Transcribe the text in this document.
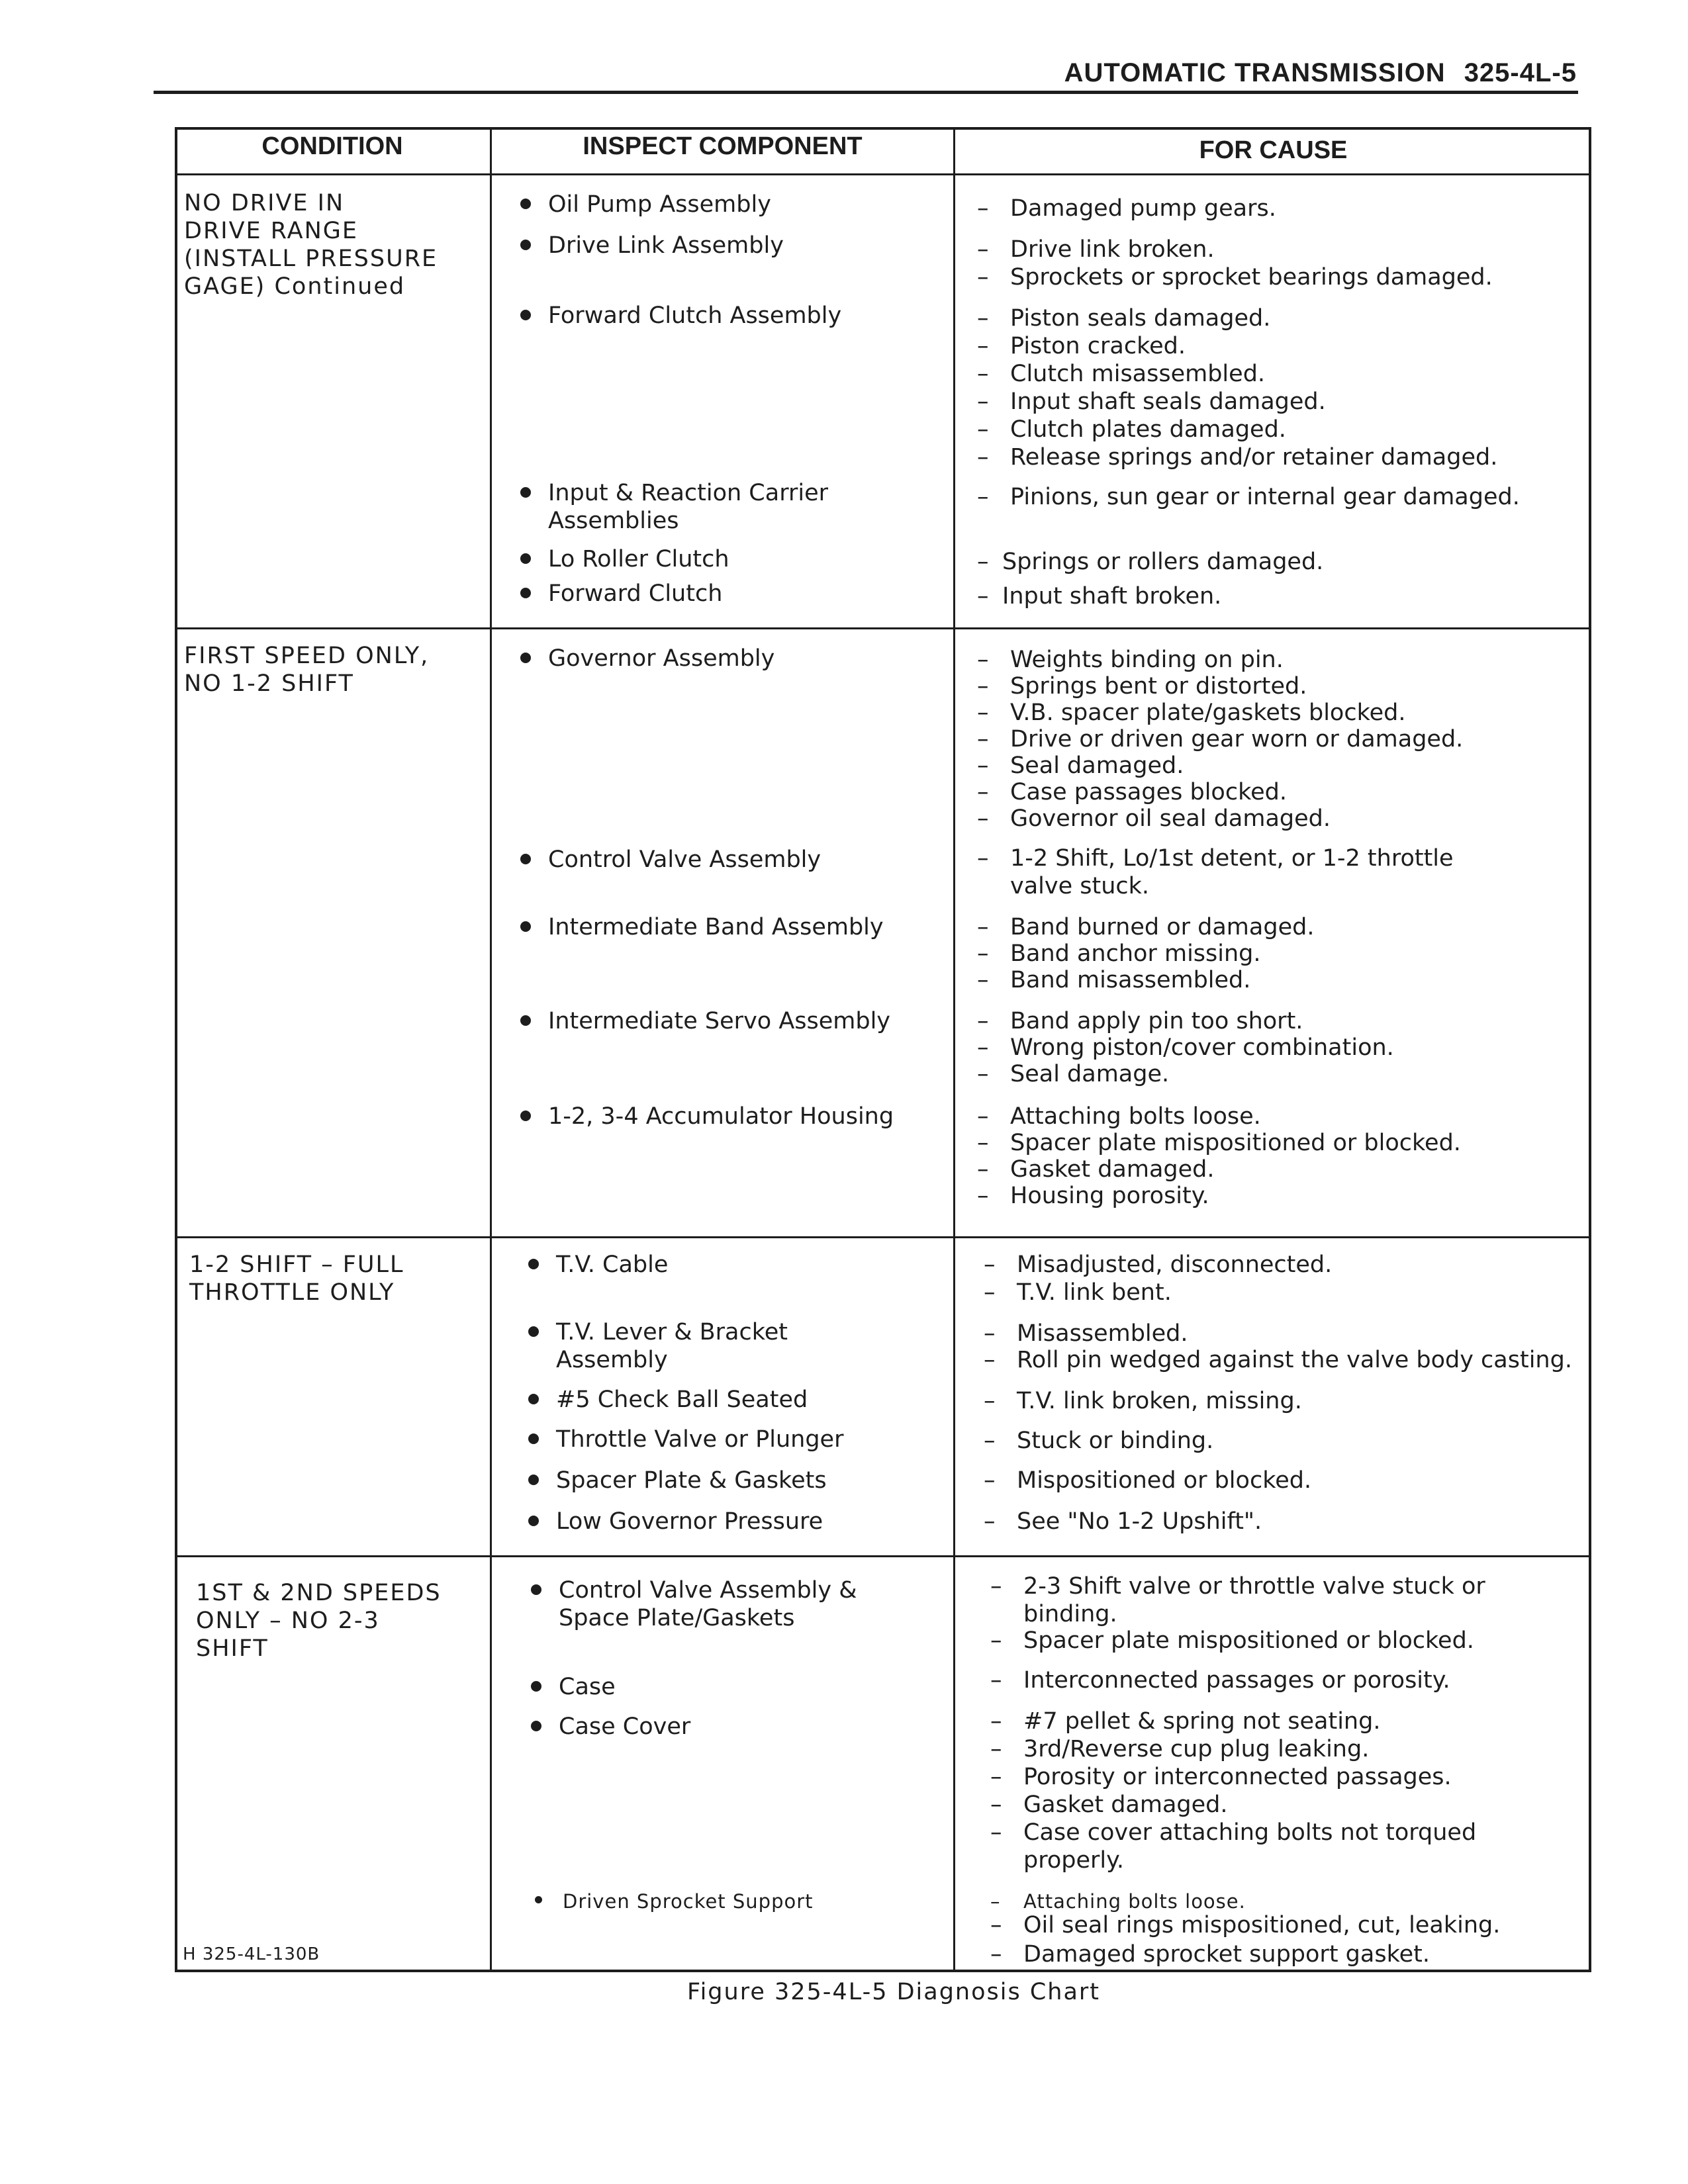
AUTOMATIC TRANSMISSION 325-4L-5
CONDITION	INSPECT COMPONENT	FOR CAUSE
NO DRIVE IN
DRIVE RANGE
(INSTALL PRESSURE
GAGE) Continued
Oil Pump Assembly
Drive Link Assembly
Forward Clutch Assembly
Input & Reaction Carrier Assemblies
Lo Roller Clutch
Forward Clutch
– Damaged pump gears.
– Drive link broken.
– Sprockets or sprocket bearings damaged.
– Piston seals damaged.
– Piston cracked.
– Clutch misassembled.
– Input shaft seals damaged.
– Clutch plates damaged.
– Release springs and/or retainer damaged.
– Pinions, sun gear or internal gear damaged.
– Springs or rollers damaged.
– Input shaft broken.
FIRST SPEED ONLY,
NO 1-2 SHIFT
Governor Assembly
Control Valve Assembly
Intermediate Band Assembly
Intermediate Servo Assembly
1-2, 3-4 Accumulator Housing
– Weights binding on pin.
– Springs bent or distorted.
– V.B. spacer plate/gaskets blocked.
– Drive or driven gear worn or damaged.
– Seal damaged.
– Case passages blocked.
– Governor oil seal damaged.
– 1-2 Shift, Lo/1st detent, or 1-2 throttle valve stuck.
– Band burned or damaged.
– Band anchor missing.
– Band misassembled.
– Band apply pin too short.
– Wrong piston/cover combination.
– Seal damage.
– Attaching bolts loose.
– Spacer plate mispositioned or blocked.
– Gasket damaged.
– Housing porosity.
1-2 SHIFT – FULL
THROTTLE ONLY
T.V. Cable
T.V. Lever & Bracket Assembly
#5 Check Ball Seated
Throttle Valve or Plunger
Spacer Plate & Gaskets
Low Governor Pressure
– Misadjusted, disconnected.
– T.V. link bent.
– Misassembled.
– Roll pin wedged against the valve body casting.
– T.V. link broken, missing.
– Stuck or binding.
– Mispositioned or blocked.
– See "No 1-2 Upshift".
1ST & 2ND SPEEDS
ONLY – NO 2-3
SHIFT
Control Valve Assembly & Space Plate/Gaskets
Case
Case Cover
Driven Sprocket Support
– 2-3 Shift valve or throttle valve stuck or binding.
– Spacer plate mispositioned or blocked.
– Interconnected passages or porosity.
– #7 pellet & spring not seating.
– 3rd/Reverse cup plug leaking.
– Porosity or interconnected passages.
– Gasket damaged.
– Case cover attaching bolts not torqued properly.
– Attaching bolts loose.
– Oil seal rings mispositioned, cut, leaking.
– Damaged sprocket support gasket.
H 325-4L-130B
Figure 325-4L-5 Diagnosis Chart
